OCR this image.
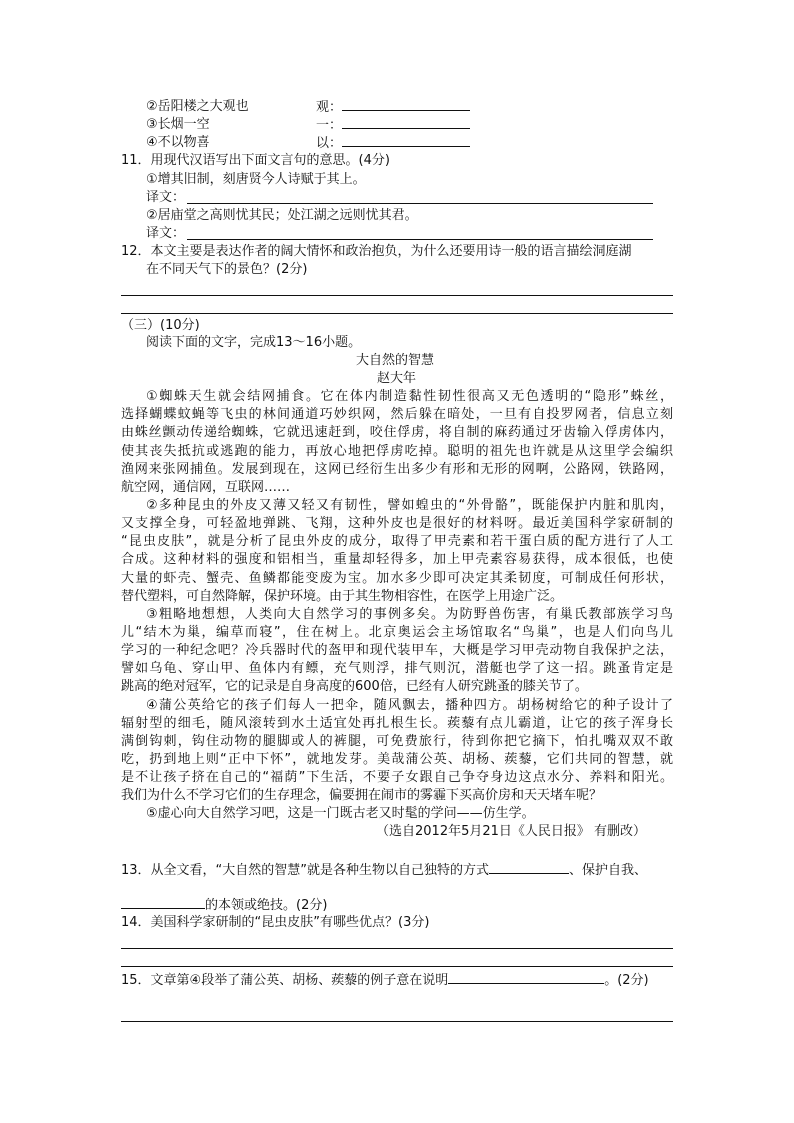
②岳阳楼之大观也	观：
③长烟一空	一：
④不以物喜	以：
11．用现代汉语写出下面文言句的意思。(4分)
①增其旧制，刻唐贤今人诗赋于其上。
译文：
②居庙堂之高则忧其民；处江湖之远则忧其君。
译文：
12．本文主要是表达作者的阔大情怀和政治抱负，为什么还要用诗一般的语言描绘洞庭湖
在不同天气下的景色？(2分)
（三）(10分)
阅读下面的文字，完成13～16小题。
大自然的智慧
赵大年
①蜘蛛天生就会结网捕食。它在体内制造黏性韧性很高又无色透明的“隐形”蛛丝，
选择蝴蝶蚊蝇等飞虫的林间通道巧妙织网，然后躲在暗处，一旦有自投罗网者，信息立刻
由蛛丝颤动传递给蜘蛛，它就迅速赶到，咬住俘虏，将自制的麻药通过牙齿输入俘虏体内，
使其丧失抵抗或逃跑的能力，再放心地把俘虏吃掉。聪明的祖先也许就是从这里学会编织
渔网来张网捕鱼。发展到现在，这网已经衍生出多少有形和无形的网啊，公路网，铁路网，
航空网，通信网，互联网……
②多种昆虫的外皮又薄又轻又有韧性，譬如蝗虫的“外骨骼”，既能保护内脏和肌肉，
又支撑全身，可轻盈地弹跳、飞翔，这种外皮也是很好的材料呀。最近美国科学家研制的
“昆虫皮肤”，就是分析了昆虫外皮的成分，取得了甲壳素和若干蛋白质的配方进行了人工
合成。这种材料的强度和铝相当，重量却轻得多，加上甲壳素容易获得，成本很低，也使
大量的虾壳、蟹壳、鱼鳞都能变废为宝。加水多少即可决定其柔韧度，可制成任何形状，
替代塑料，可自然降解，保护环境。由于其生物相容性，在医学上用途广泛。
③粗略地想想，人类向大自然学习的事例多矣。为防野兽伤害，有巢氏教部族学习鸟
儿“结木为巢，编草而寝”，住在树上。北京奥运会主场馆取名“鸟巢”，也是人们向鸟儿
学习的一种纪念吧？冷兵器时代的盔甲和现代装甲车，大概是学习甲壳动物自我保护之法，
譬如乌龟、穿山甲、鱼体内有鳔，充气则浮，排气则沉，潜艇也学了这一招。跳蚤肯定是
跳高的绝对冠军，它的记录是自身高度的600倍，已经有人研究跳蚤的膝关节了。
④蒲公英给它的孩子们每人一把伞，随风飘去，播种四方。胡杨树给它的种子设计了
辐射型的细毛，随风滚转到水土适宜处再扎根生长。蒺藜有点儿霸道，让它的孩子浑身长
满倒钩刺，钩住动物的腿脚或人的裤腿，可免费旅行，待到你把它摘下，怕扎嘴双双不敢
吃，扔到地上则“正中下怀”，就地发芽。美哉蒲公英、胡杨、蒺藜，它们共同的智慧，就
是不让孩子挤在自己的“福荫”下生活，不要子女跟自己争夺身边这点水分、养料和阳光。
我们为什么不学习它们的生存理念，偏要拥在闹市的雾霾下买高价房和天天堵车呢？
⑤虚心向大自然学习吧，这是一门既古老又时髦的学问——仿生学。
（选自2012年5月21日《人民日报》 有删改）
13．从全文看，“大自然的智慧”就是各种生物以自己独特的方式	、保护自我、
的本领或绝技。(2分)
14．美国科学家研制的“昆虫皮肤”有哪些优点？(3分)
15．文章第④段举了蒲公英、胡杨、蒺藜的例子意在说明	。(2分)
